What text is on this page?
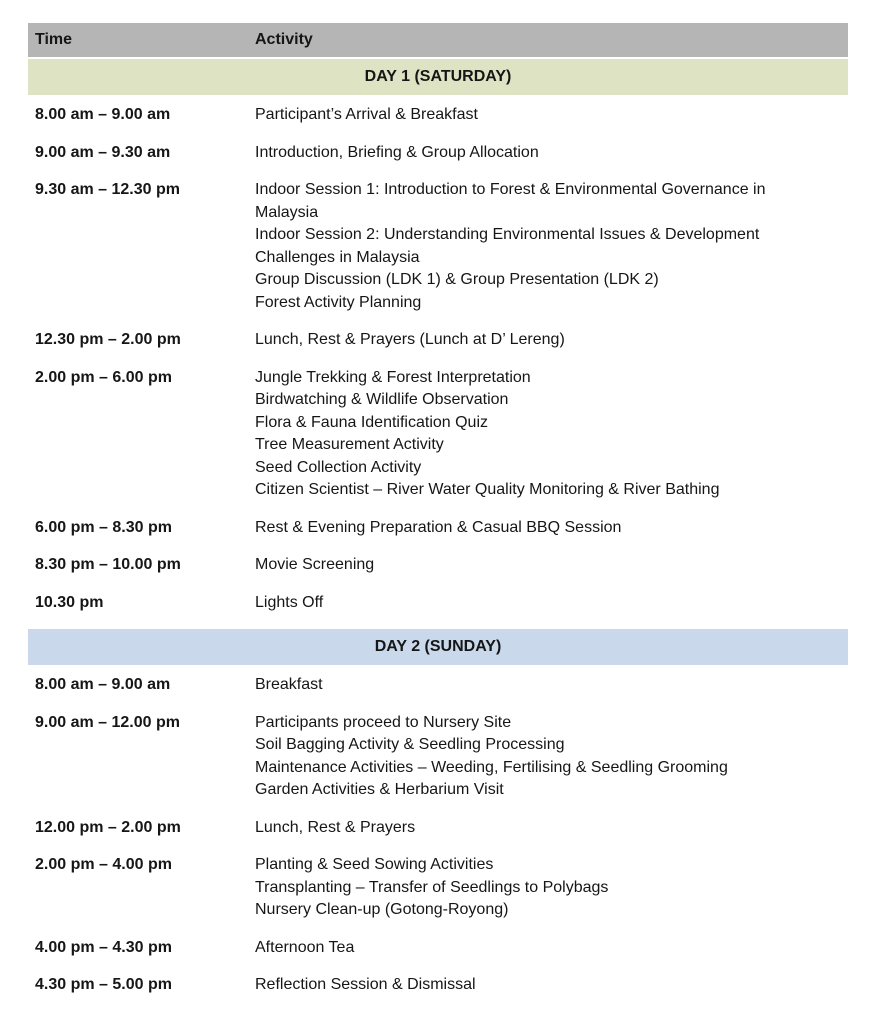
Time	Activity
DAY 1 (SATURDAY)
8.00 am – 9.00 am	Participant’s Arrival & Breakfast
9.00 am – 9.30 am	Introduction, Briefing & Group Allocation
9.30 am – 12.30 pm	Indoor Session 1: Introduction to Forest & Environmental Governance in
Malaysia
Indoor Session 2: Understanding Environmental Issues & Development
Challenges in Malaysia
Group Discussion (LDK 1) & Group Presentation (LDK 2)
Forest Activity Planning
12.30 pm – 2.00 pm	Lunch, Rest & Prayers (Lunch at D’ Lereng)
2.00 pm – 6.00 pm	Jungle Trekking & Forest Interpretation
Birdwatching & Wildlife Observation
Flora & Fauna Identification Quiz
Tree Measurement Activity
Seed Collection Activity
Citizen Scientist – River Water Quality Monitoring & River Bathing
6.00 pm – 8.30 pm	Rest & Evening Preparation & Casual BBQ Session
8.30 pm – 10.00 pm	Movie Screening
10.30 pm	Lights Off
DAY 2 (SUNDAY)
8.00 am – 9.00 am	Breakfast
9.00 am – 12.00 pm	Participants proceed to Nursery Site
Soil Bagging Activity & Seedling Processing
Maintenance Activities – Weeding, Fertilising & Seedling Grooming
Garden Activities & Herbarium Visit
12.00 pm – 2.00 pm	Lunch, Rest & Prayers
2.00 pm – 4.00 pm	Planting & Seed Sowing Activities
Transplanting – Transfer of Seedlings to Polybags
Nursery Clean-up (Gotong-Royong)
4.00 pm – 4.30 pm	Afternoon Tea
4.30 pm – 5.00 pm	Reflection Session & Dismissal
